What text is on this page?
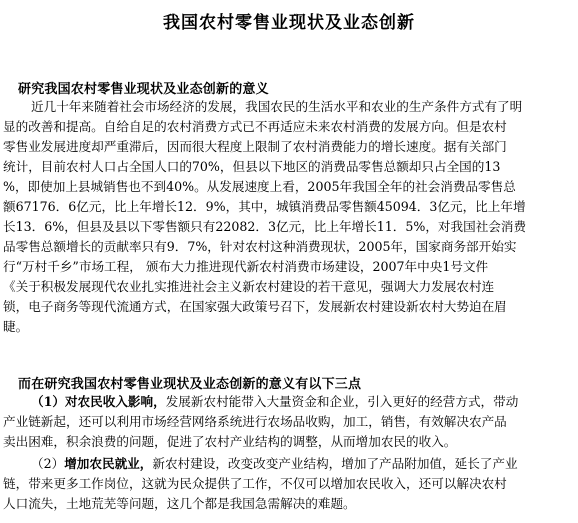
我国农村零售业现状及业态创新
研究我国农村零售业现状及业态创新的意义
近几十年来随着社会市场经济的发展，我国农民的生活水平和农业的生产条件方式有了明
显的改善和提高。自给自足的农村消费方式已不再适应未来农村消费的发展方向。但是农村
零售业发展进度却严重滞后，因而很大程度上限制了农村消费能力的增长速度。据有关部门
统计，目前农村人口占全国人口的70%，但县以下地区的消费品零售总额却只占全国的13
%，即使加上县城销售也不到40%。从发展速度上看，2005年我国全年的社会消费品零售总
额67176．6亿元，比上年增长12．9%，其中，城镇消费品零售额45094．3亿元，比上年增
长13．6%，但县及县以下零售额只有22082．3亿元，比上年增长11．5%，对我国社会消费
品零售总额增长的贡献率只有9．7%，针对农村这种消费现状，2005年，国家商务部开始实
行“万村千乡”市场工程， 颁布大力推进现代新农村消费市场建设，2007年中央1号文件
《关于积极发展现代农业扎实推进社会主义新农村建设的若干意见，强调大力发展农村连
锁，电子商务等现代流通方式，在国家强大政策号召下，发展新农村建设新农村大势迫在眉
睫。
而在研究我国农村零售业现状及业态创新的意义有以下三点
（1）对农民收入影响，发展新农村能带入大量资金和企业，引入更好的经营方式，带动
产业链新起，还可以利用市场经营网络系统进行农场品收购，加工，销售，有效解决农产品
卖出困难，积余浪费的问题，促进了农村产业结构的调整，从而增加农民的收入。
（2）增加农民就业，新农村建设，改变改变产业结构，增加了产品附加值，延长了产业
链，带来更多工作岗位，这就为民众提供了工作，不仅可以增加农民收入，还可以解决农村
人口流失，土地荒芜等问题，这几个都是我国急需解决的难题。
